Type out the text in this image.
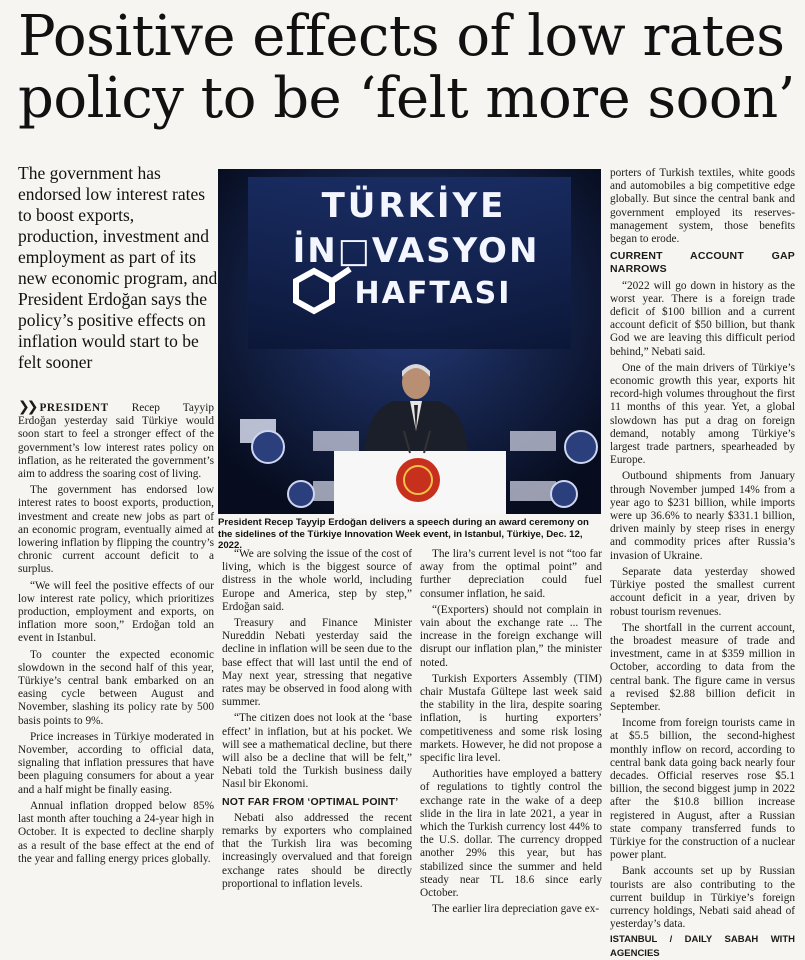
Positive effects of low rates
policy to be ‘felt more soon’
The government has endorsed low interest rates to boost exports, production, investment and employment as part of its new economic program, and President Erdoğan says the policy’s positive effects on inflation would start to be felt sooner
TÜRKİYE
İN□VASYON
HAFTASI
President Recep Tayyip Erdoğan delivers a speech during an award ceremony on the sidelines of the Türkiye Innovation Week event, in Istanbul, Türkiye, Dec. 12, 2022.

❯❯ PRESIDENT Recep Tayyip Erdoğan yesterday said Türkiye would soon start to feel a stronger effect of the government’s low interest rates policy on inflation, as he reiterated the government’s aim to address the soaring cost of living.

The government has endorsed low interest rates to boost exports, production, investment and create new jobs as part of an economic program, eventually aimed at lowering inflation by flipping the country’s chronic current account deficit to a surplus.

“We will feel the positive effects of our low interest rate policy, which prioritizes production, employment and exports, on inflation more soon,” Erdoğan told an event in Istanbul.

To counter the expected economic slowdown in the second half of this year, Türkiye’s central bank embarked on an easing cycle between August and November, slashing its policy rate by 500 basis points to 9%.

Price increases in Türkiye moderated in November, according to official data, signaling that inflation pressures that have been plaguing consumers for about a year and a half might be finally easing.

Annual inflation dropped below 85% last month after touching a 24-year high in October. It is expected to decline sharply as a result of the base effect at the end of the year and falling energy prices globally.

“We are solving the issue of the cost of living, which is the biggest source of distress in the whole world, including Europe and America, step by step,” Erdoğan said.

Treasury and Finance Minister Nureddin Nebati yesterday said the decline in inflation will be seen due to the base effect that will last until the end of May next year, stressing that negative rates may be observed in food along with summer.

“The citizen does not look at the ‘base effect’ in inflation, but at his pocket. We will see a mathematical decline, but there will also be a decline that will be felt,” Nebati told the Turkish business daily Nasıl bir Ekonomi.

NOT FAR FROM ‘OPTIMAL POINT’

Nebati also addressed the recent remarks by exporters who complained that the Turkish lira was becoming increasingly overvalued and that foreign exchange rates should be directly proportional to inflation levels.

The lira’s current level is not “too far away from the optimal point” and further depreciation could fuel consumer inflation, he said.

“(Exporters) should not complain in vain about the exchange rate ... The increase in the foreign exchange will disrupt our inflation plan,” the minister noted.

Turkish Exporters Assembly (TIM) chair Mustafa Gültepe last week said the stability in the lira, despite soaring inflation, is hurting exporters’ competitiveness and some risk losing markets. However, he did not propose a specific lira level.

Authorities have employed a battery of regulations to tightly control the exchange rate in the wake of a deep slide in the lira in late 2021, a year in which the Turkish currency lost 44% to the U.S. dollar. The currency dropped another 29% this year, but has stabilized since the summer and held steady near TL 18.6 since early October.

The earlier lira depreciation gave ex-

porters of Turkish textiles, white goods and automobiles a big competitive edge globally. But since the central bank and government employed its reserves-management system, those benefits began to erode.

CURRENT ACCOUNT GAP NARROWS

“2022 will go down in history as the worst year. There is a foreign trade deficit of $100 billion and a current account deficit of $50 billion, but thank God we are leaving this difficult period behind,” Nebati said.

One of the main drivers of Türkiye’s economic growth this year, exports hit record-high volumes throughout the first 11 months of this year. Yet, a global slowdown has put a drag on foreign demand, notably among Türkiye’s largest trade partners, spearheaded by Europe.

Outbound shipments from January through November jumped 14% from a year ago to $231 billion, while imports were up 36.6% to nearly $331.1 billion, driven mainly by steep rises in energy and commodity prices after Russia’s invasion of Ukraine.

Separate data yesterday showed Türkiye posted the smallest current account deficit in a year, driven by robust tourism revenues.

The shortfall in the current account, the broadest measure of trade and investment, came in at $359 million in October, according to data from the central bank. The figure came in versus a revised $2.88 billion deficit in September.

Income from foreign tourists came in at $5.5 billion, the second-highest monthly inflow on record, according to central bank data going back nearly four decades. Official reserves rose $5.1 billion, the second biggest jump in 2022 after the $10.8 billion increase registered in August, after a Russian state company transferred funds to Türkiye for the construction of a nuclear power plant.

Bank accounts set up by Russian tourists are also contributing to the current buildup in Türkiye’s foreign currency holdings, Nebati said ahead of yesterday’s data.

ISTANBUL / DAILY SABAH WITH AGENCIES
